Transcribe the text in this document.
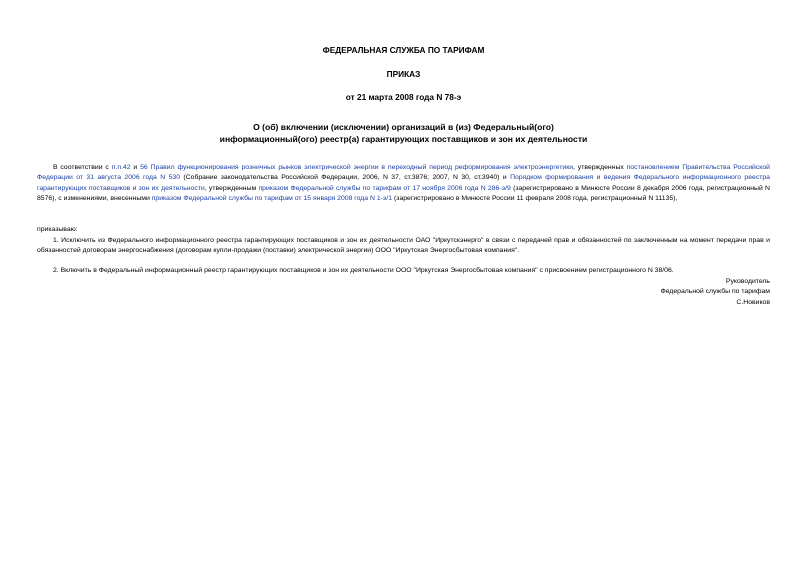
ФЕДЕРАЛЬНАЯ СЛУЖБА ПО ТАРИФАМ
ПРИКАЗ
от 21 марта 2008 года N 78-э
О (об) включении (исключении) организаций в (из) Федеральный(ого)
информационный(ого) реестр(а) гарантирующих поставщиков и зон их деятельности
В соответствии с п.п.42 и 56 Правил функционирования розничных рынков электрической энергии в переходный период реформирования электроэнергетики, утвержденных постановлением Правительства Российской Федерации от 31 августа 2006 года N 530 (Собрание законодательства Российской Федерации, 2006, N 37, ст.3876; 2007, N 30, ст.3940) и Порядком формирования и ведения Федерального информационного реестра гарантирующих поставщиков и зон их деятельности, утвержденным приказом Федеральной службы по тарифам от 17 ноября 2006 года N 286-э/9 (зарегистрировано в Минюсте России 8 декабря 2006 года, регистрационный N 8576), с изменениями, внесенными приказом Федеральной службы по тарифам от 15 января 2008 года N 1-э/1 (зарегистрировано в Минюсте России 11 февраля 2008 года, регистрационный N 11135),
приказываю:
1. Исключить из Федерального информационного реестра гарантирующих поставщиков и зон их деятельности ОАО "Иркутскэнерго" в связи с передачей прав и обязанностей по заключенным на момент передачи прав и обязанностей договорам энергоснабжения (договорам купли-продажи (поставки) электрической энергии) ООО "Иркутская Энергосбытовая компания".
2. Включить в Федеральный информационный реестр гарантирующих поставщиков и зон их деятельности ООО "Иркутская Энергосбытовая компания" с присвоением регистрационного N 38/06.
Руководитель
Федеральной службы по тарифам
С.Новиков
